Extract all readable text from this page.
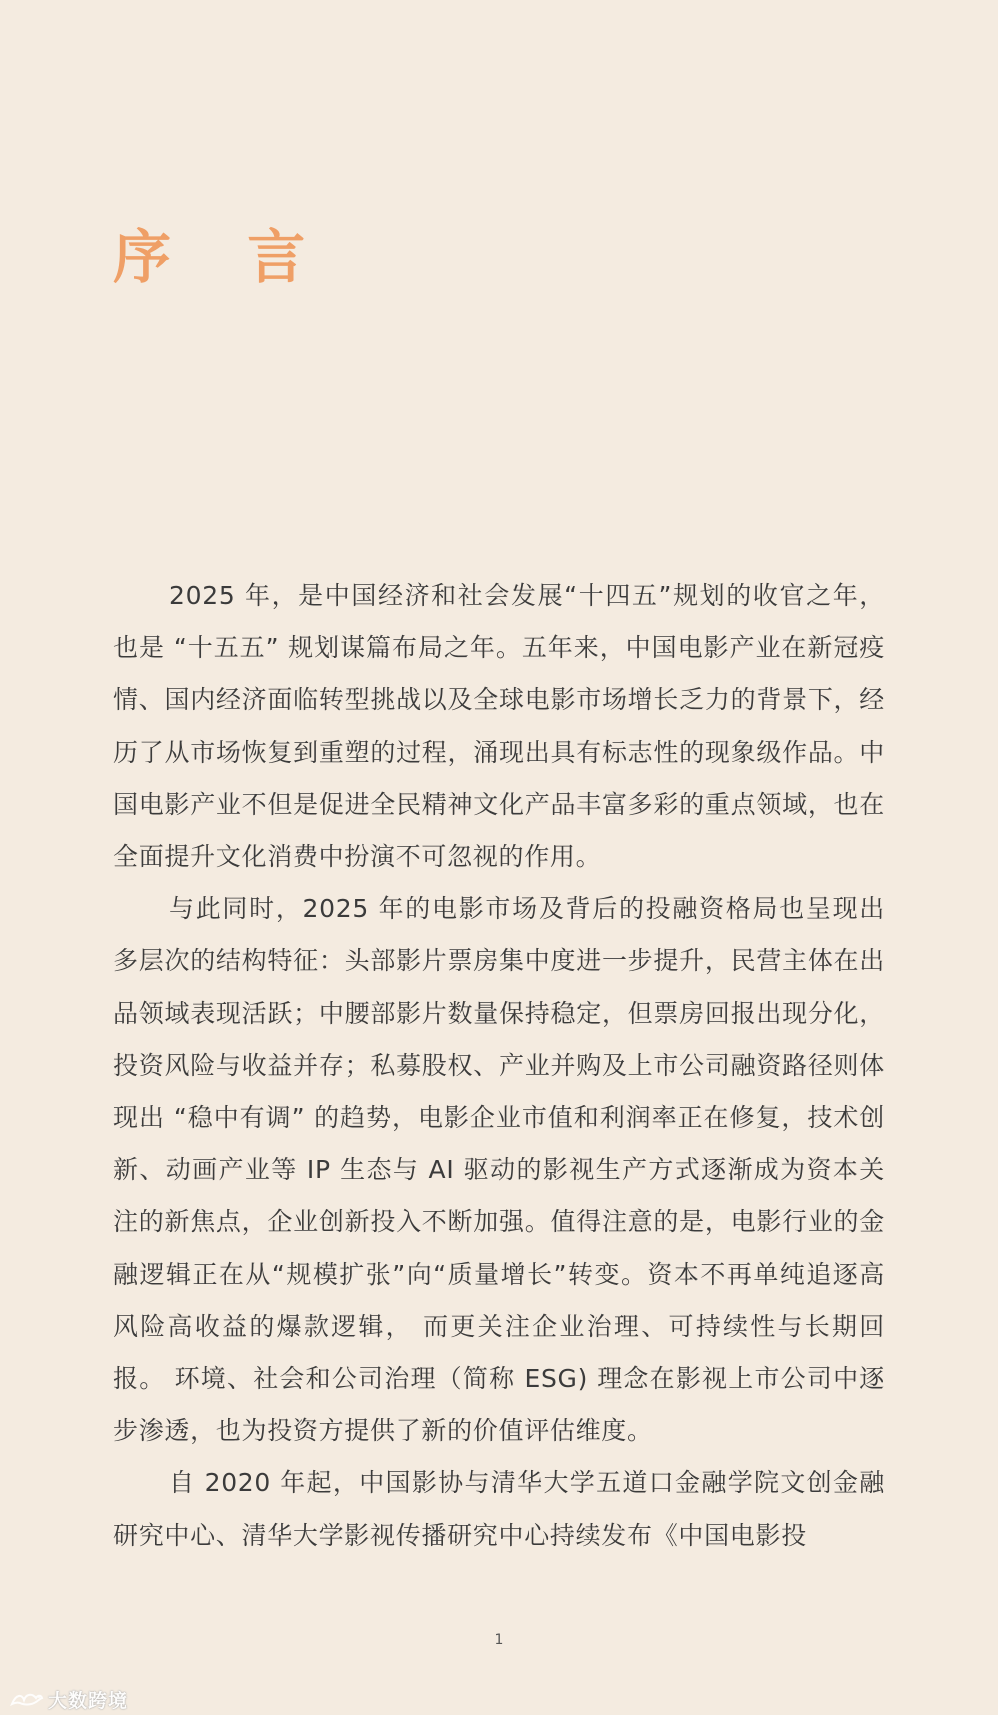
序 言

2025 年，是中国经济和社会发展“十四五”规划的收官之年，也是 “十五五” 规划谋篇布局之年。五年来，中国电影产业在新冠疫情、国内经济面临转型挑战以及全球电影市场增长乏力的背景下，经历了从市场恢复到重塑的过程，涌现出具有标志性的现象级作品。中国电影产业不但是促进全民精神文化产品丰富多彩的重点领域，也在全面提升文化消费中扮演不可忽视的作用。

与此同时，2025 年的电影市场及背后的投融资格局也呈现出多层次的结构特征：头部影片票房集中度进一步提升，民营主体在出品领域表现活跃；中腰部影片数量保持稳定，但票房回报出现分化，投资风险与收益并存；私募股权、产业并购及上市公司融资路径则体现出 “稳中有调” 的趋势，电影企业市值和利润率正在修复，技术创新、动画产业等 IP 生态与 AI 驱动的影视生产方式逐渐成为资本关注的新焦点，企业创新投入不断加强。值得注意的是，电影行业的金融逻辑正在从“规模扩张”向“质量增长”转变。资本不再单纯追逐高风险高收益的爆款逻辑， 而更关注企业治理、可持续性与长期回报。 环境、社会和公司治理（简称 ESG) 理念在影视上市公司中逐步渗透，也为投资方提供了新的价值评估维度。

自 2020 年起，中国影协与清华大学五道口金融学院文创金融研究中心、清华大学影视传播研究中心持续发布《中国电影投

1
大数跨境
